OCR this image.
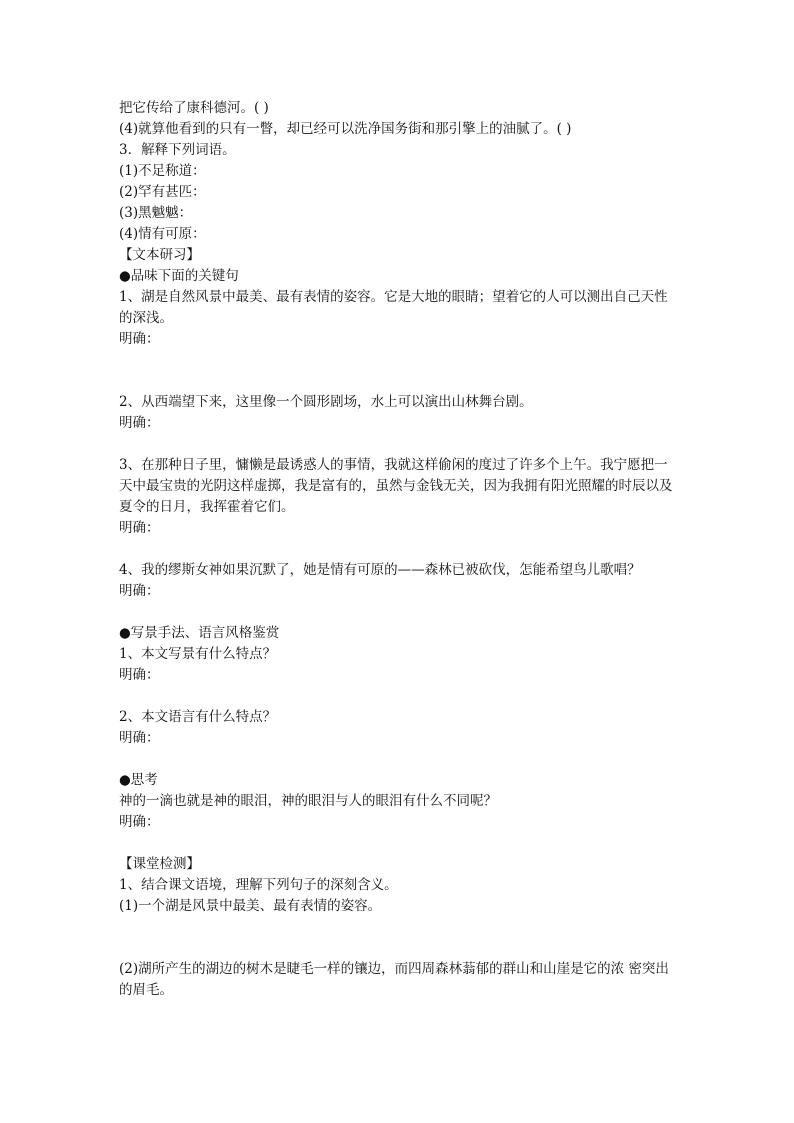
把它传给了康科德河。( )
(4)就算他看到的只有一瞥，却已经可以洗净国务街和那引擎上的油腻了。( )
3．解释下列词语。
(1)不足称道：
(2)罕有甚匹：
(3)黑魆魆：
(4)情有可原：
【文本研习】
●品味下面的关键句
1、湖是自然风景中最美、最有表情的姿容。它是大地的眼睛；望着它的人可以测出自己天性的深浅。
明确：
2、从西端望下来，这里像一个圆形剧场，水上可以演出山林舞台剧。
明确：
3、在那种日子里，慵懒是最诱惑人的事情，我就这样偷闲的度过了许多个上午。我宁愿把一天中最宝贵的光阴这样虚掷，我是富有的，虽然与金钱无关，因为我拥有阳光照耀的时辰以及夏令的日月，我挥霍着它们。
明确：
4、我的缪斯女神如果沉默了，她是情有可原的——森林已被砍伐，怎能希望鸟儿歌唱？
明确：
●写景手法、语言风格鉴赏
1、本文写景有什么特点？
明确：
2、本文语言有什么特点？
明确：
●思考
神的一滴也就是神的眼泪，神的眼泪与人的眼泪有什么不同呢？
明确：
【课堂检测】
1、结合课文语境，理解下列句子的深刻含义。
(1)一个湖是风景中最美、最有表情的姿容。
(2)湖所产生的湖边的树木是睫毛一样的镶边，而四周森林蓊郁的群山和山崖是它的浓 密突出的眉毛。
